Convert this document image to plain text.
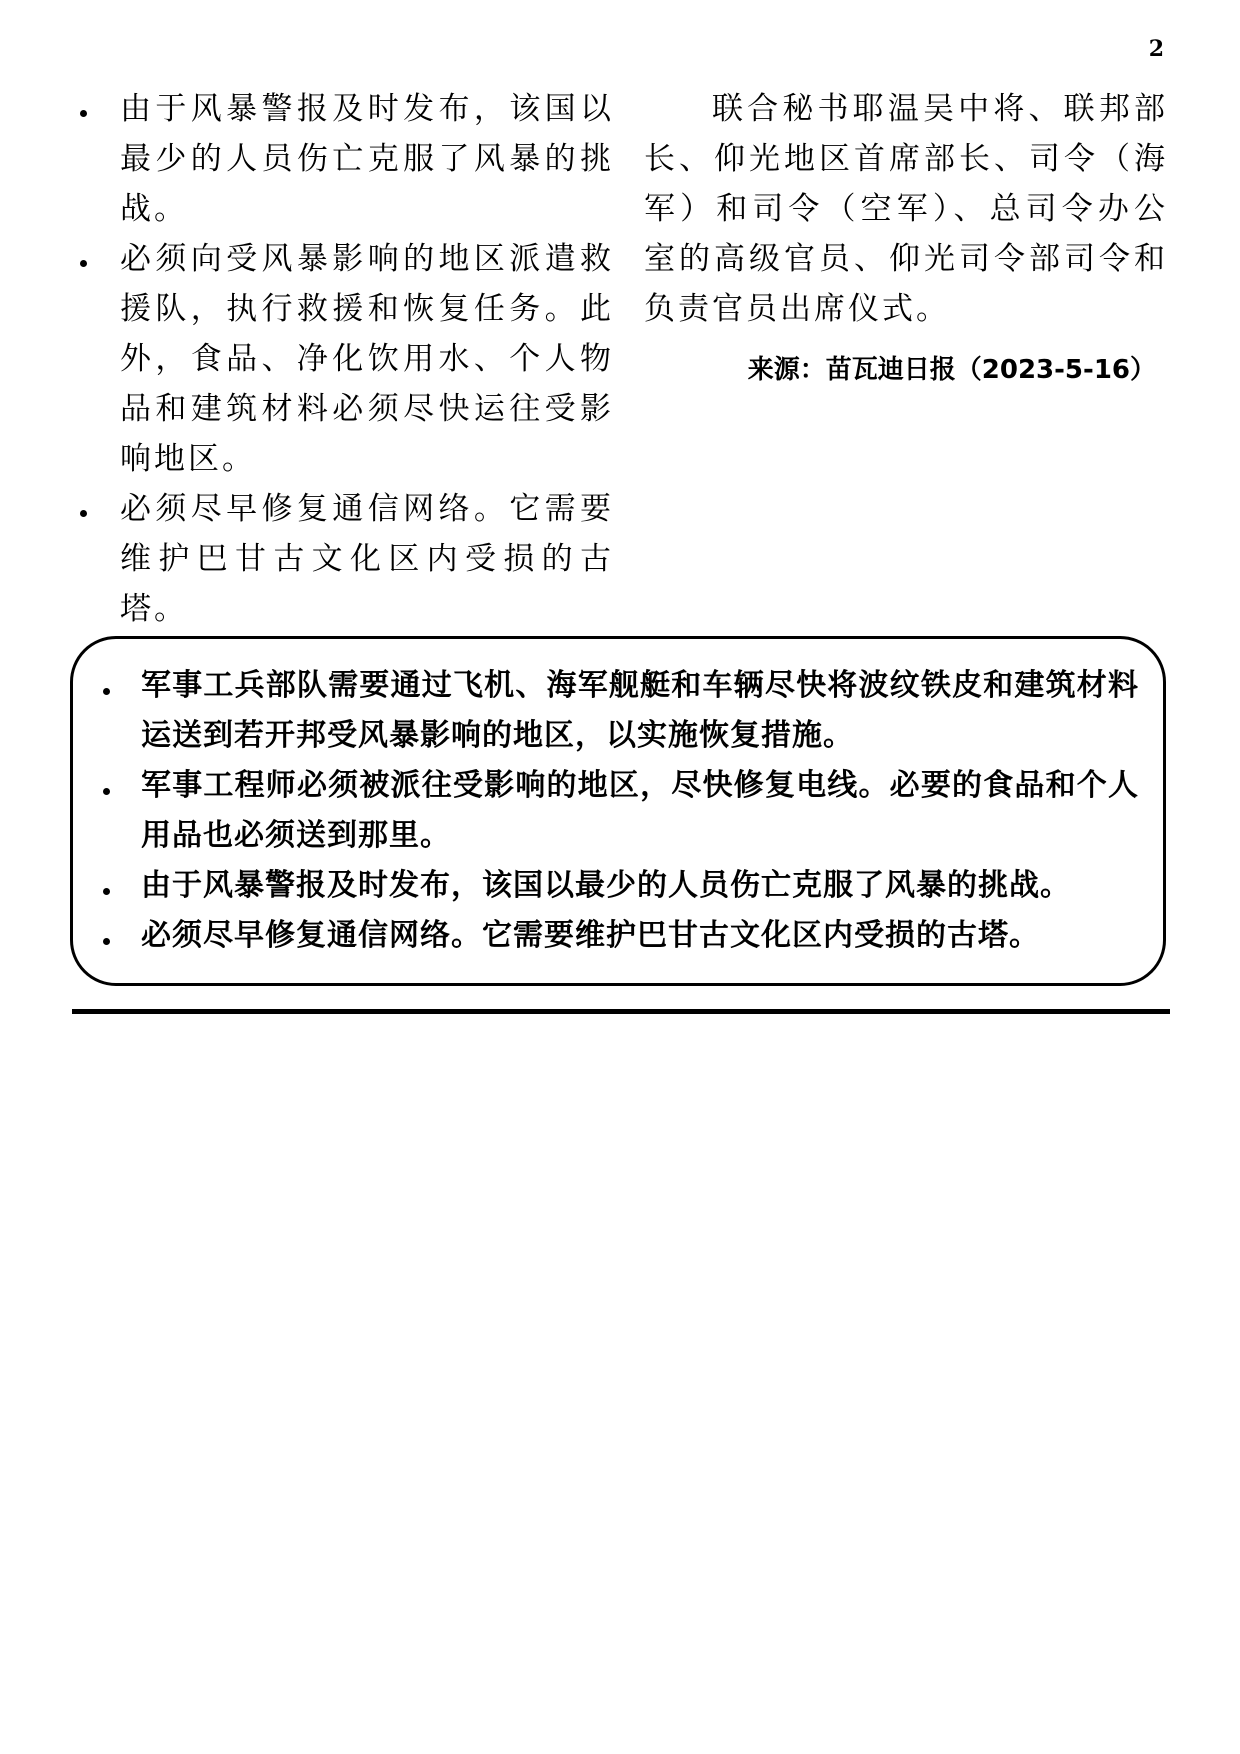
2
由于风暴警报及时发布，该国以最少的人员伤亡克服了风暴的挑战。
必须向受风暴影响的地区派遣救援队，执行救援和恢复任务。此外，食品、净化饮用水、个人物品和建筑材料必须尽快运往受影响地区。
必须尽早修复通信网络。它需要维护巴甘古文化区内受损的古塔。

联合秘书耶温吴中将、联邦部长、仰光地区首席部长、司令（海军）和司令（空军）、总司令办公室的高级官员、仰光司令部司令和负责官员出席仪式。

来源：苗瓦迪日报（2023-5-16）
军事工兵部队需要通过飞机、海军舰艇和车辆尽快将波纹铁皮和建筑材料运送到若开邦受风暴影响的地区，以实施恢复措施。
军事工程师必须被派往受影响的地区，尽快修复电线。必要的食品和个人用品也必须送到那里。
由于风暴警报及时发布，该国以最少的人员伤亡克服了风暴的挑战。
必须尽早修复通信网络。它需要维护巴甘古文化区内受损的古塔。
